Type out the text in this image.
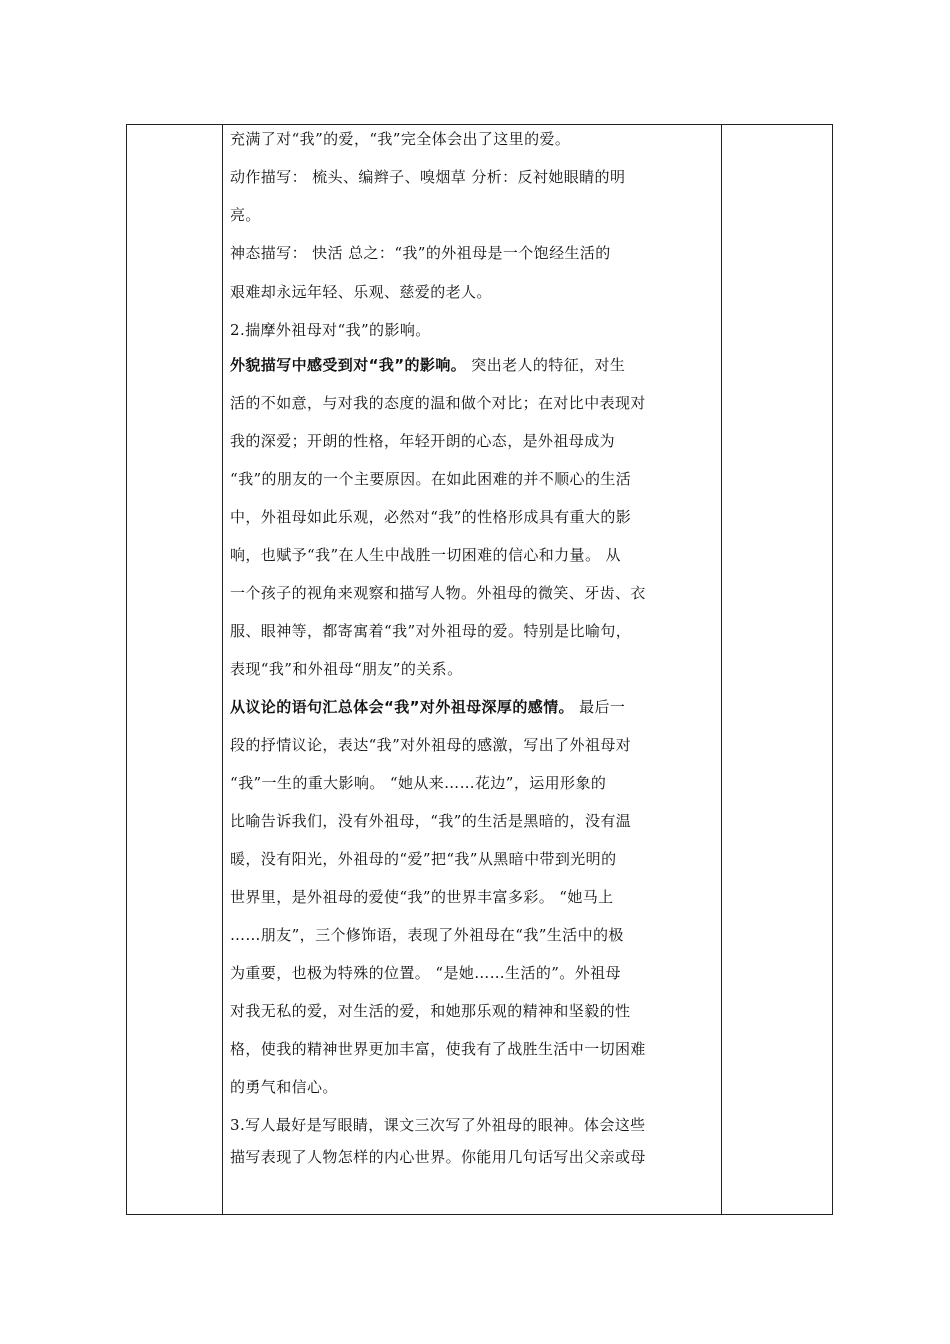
充满了对“我”的爱，“我”完全体会出了这里的爱。
动作描写： 梳头、编辫子、嗅烟草 分析：反衬她眼睛的明
亮。
神态描写： 快活 总之：“我”的外祖母是一个饱经生活的
艰难却永远年轻、乐观、慈爱的老人。
2.揣摩外祖母对“我”的影响。
外貌描写中感受到对“我”的影响。 突出老人的特征，对生
活的不如意，与对我的态度的温和做个对比；在对比中表现对
我的深爱；开朗的性格，年轻开朗的心态，是外祖母成为
“我”的朋友的一个主要原因。在如此困难的并不顺心的生活
中，外祖母如此乐观，必然对“我”的性格形成具有重大的影
响，也赋予“我”在人生中战胜一切困难的信心和力量。 从
一个孩子的视角来观察和描写人物。外祖母的微笑、牙齿、衣
服、眼神等，都寄寓着“我”对外祖母的爱。特别是比喻句，
表现“我”和外祖母“朋友”的关系。
从议论的语句汇总体会“我”对外祖母深厚的感情。 最后一
段的抒情议论，表达“我”对外祖母的感激，写出了外祖母对
“我”一生的重大影响。 “她从来……花边”，运用形象的
比喻告诉我们，没有外祖母，“我”的生活是黑暗的，没有温
暖，没有阳光，外祖母的“爱”把“我”从黑暗中带到光明的
世界里，是外祖母的爱使“我”的世界丰富多彩。 “她马上
……朋友”，三个修饰语，表现了外祖母在“我”生活中的极
为重要，也极为特殊的位置。 “是她……生活的”。外祖母
对我无私的爱，对生活的爱，和她那乐观的精神和坚毅的性
格，使我的精神世界更加丰富，使我有了战胜生活中一切困难
的勇气和信心。
3.写人最好是写眼睛，课文三次写了外祖母的眼神。体会这些
描写表现了人物怎样的内心世界。你能用几句话写出父亲或母
